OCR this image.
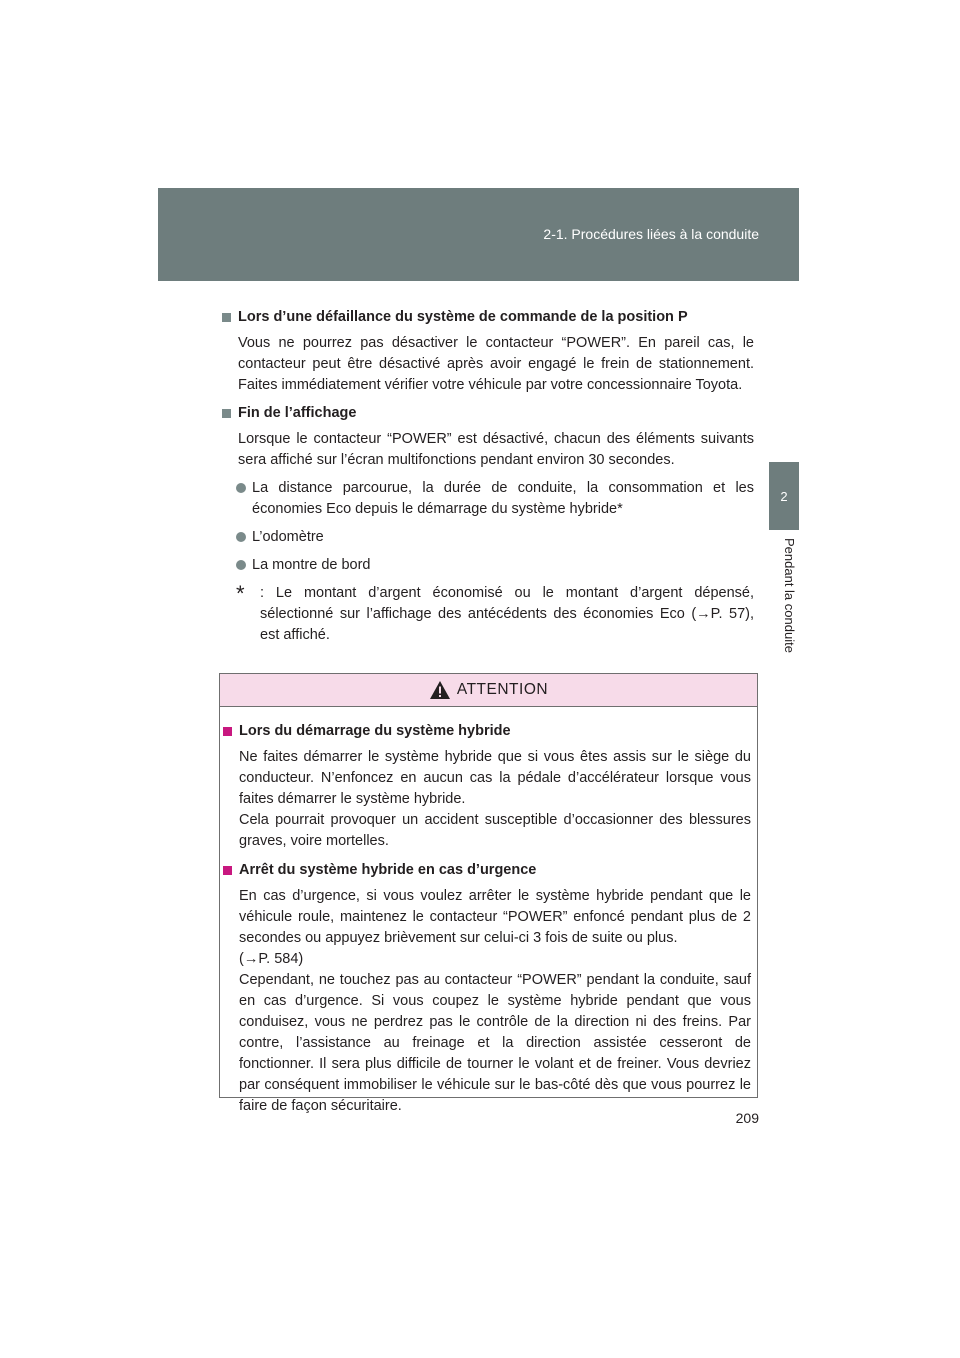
2-1. Procédures liées à la conduite
2
Pendant la conduite
Lors d’une défaillance du système de commande de la position P

Vous ne pourrez pas désactiver le contacteur “POWER”. En pareil cas, le contacteur peut être désactivé après avoir engagé le frein de stationnement. Faites immédiatement vérifier votre véhicule par votre concessionnaire Toyota.

Fin de l’affichage

Lorsque le contacteur “POWER” est désactivé, chacun des éléments suivants sera affiché sur l’écran multifonctions pendant environ 30 secondes.

La distance parcourue, la durée de conduite, la consommation et les économies Eco depuis le démarrage du système hybride*
L’odomètre
La montre de bord
*	: Le montant d’argent économisé ou le montant d’argent dépensé, sélectionné sur l’affichage des antécédents des économies Eco (→P. 57), est affiché.
ATTENTION
Lors du démarrage du système hybride

Ne faites démarrer le système hybride que si vous êtes assis sur le siège du conducteur. N’enfoncez en aucun cas la pédale d’accélérateur lorsque vous faites démarrer le système hybride.
Cela pourrait provoquer un accident susceptible d’occasionner des blessures graves, voire mortelles.

Arrêt du système hybride en cas d’urgence

En cas d’urgence, si vous voulez arrêter le système hybride pendant que le véhicule roule, maintenez le contacteur “POWER” enfoncé pendant plus de 2 secondes ou appuyez brièvement sur celui-ci 3 fois de suite ou plus.
(→P. 584)
Cependant, ne touchez pas au contacteur “POWER” pendant la conduite, sauf en cas d’urgence. Si vous coupez le système hybride pendant que vous conduisez, vous ne perdrez pas le contrôle de la direction ni des freins. Par contre, l’assistance au freinage et la direction assistée cesseront de fonctionner. Il sera plus difficile de tourner le volant et de freiner. Vous devriez par conséquent immobiliser le véhicule sur le bas-côté dès que vous pourrez le faire de façon sécuritaire.

209
